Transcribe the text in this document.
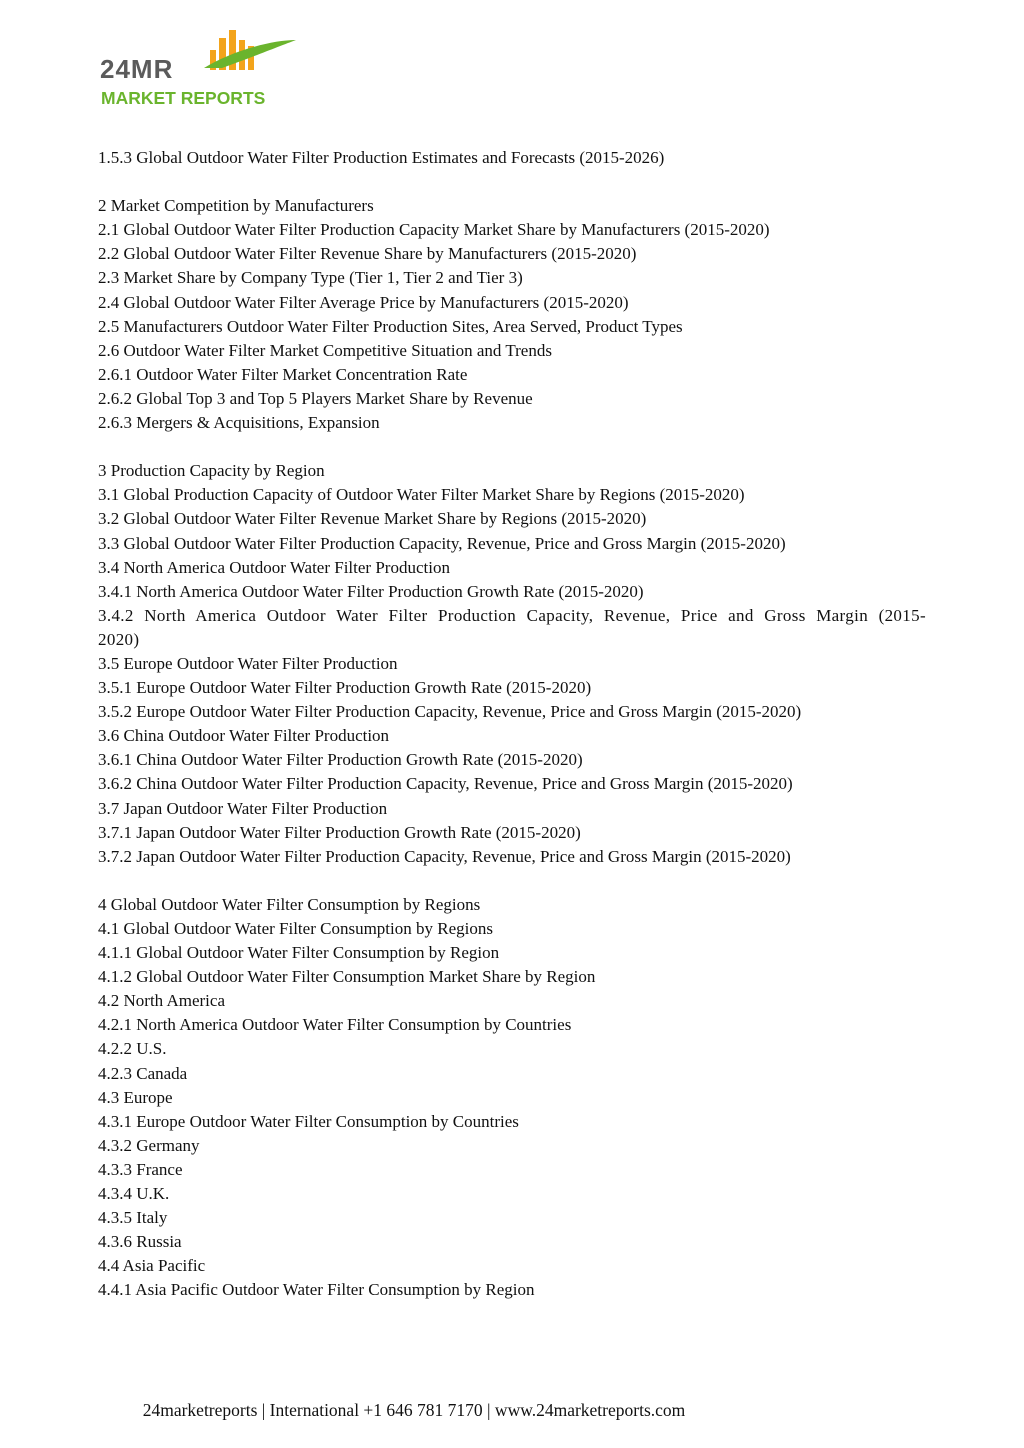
24MR
MARKET REPORTS
1.5.3 Global Outdoor Water Filter Production Estimates and Forecasts (2015-2026)
2 Market Competition by Manufacturers
2.1 Global Outdoor Water Filter Production Capacity Market Share by Manufacturers (2015-2020)
2.2 Global Outdoor Water Filter Revenue Share by Manufacturers (2015-2020)
2.3 Market Share by Company Type (Tier 1, Tier 2 and Tier 3)
2.4 Global Outdoor Water Filter Average Price by Manufacturers (2015-2020)
2.5 Manufacturers Outdoor Water Filter Production Sites, Area Served, Product Types
2.6 Outdoor Water Filter Market Competitive Situation and Trends
2.6.1 Outdoor Water Filter Market Concentration Rate
2.6.2 Global Top 3 and Top 5 Players Market Share by Revenue
2.6.3 Mergers & Acquisitions, Expansion
3 Production Capacity by Region
3.1 Global Production Capacity of Outdoor Water Filter Market Share by Regions (2015-2020)
3.2 Global Outdoor Water Filter Revenue Market Share by Regions (2015-2020)
3.3 Global Outdoor Water Filter Production Capacity, Revenue, Price and Gross Margin (2015-2020)
3.4 North America Outdoor Water Filter Production
3.4.1 North America Outdoor Water Filter Production Growth Rate (2015-2020)
3.4.2 North America Outdoor Water Filter Production Capacity, Revenue, Price and Gross Margin (2015-2020)
3.5 Europe Outdoor Water Filter Production
3.5.1 Europe Outdoor Water Filter Production Growth Rate (2015-2020)
3.5.2 Europe Outdoor Water Filter Production Capacity, Revenue, Price and Gross Margin (2015-2020)
3.6 China Outdoor Water Filter Production
3.6.1 China Outdoor Water Filter Production Growth Rate (2015-2020)
3.6.2 China Outdoor Water Filter Production Capacity, Revenue, Price and Gross Margin (2015-2020)
3.7 Japan Outdoor Water Filter Production
3.7.1 Japan Outdoor Water Filter Production Growth Rate (2015-2020)
3.7.2 Japan Outdoor Water Filter Production Capacity, Revenue, Price and Gross Margin (2015-2020)
4 Global Outdoor Water Filter Consumption by Regions
4.1 Global Outdoor Water Filter Consumption by Regions
4.1.1 Global Outdoor Water Filter Consumption by Region
4.1.2 Global Outdoor Water Filter Consumption Market Share by Region
4.2 North America
4.2.1 North America Outdoor Water Filter Consumption by Countries
4.2.2 U.S.
4.2.3 Canada
4.3 Europe
4.3.1 Europe Outdoor Water Filter Consumption by Countries
4.3.2 Germany
4.3.3 France
4.3.4 U.K.
4.3.5 Italy
4.3.6 Russia
4.4 Asia Pacific
4.4.1 Asia Pacific Outdoor Water Filter Consumption by Region
24marketreports | International +1 646 781 7170 | www.24marketreports.com
